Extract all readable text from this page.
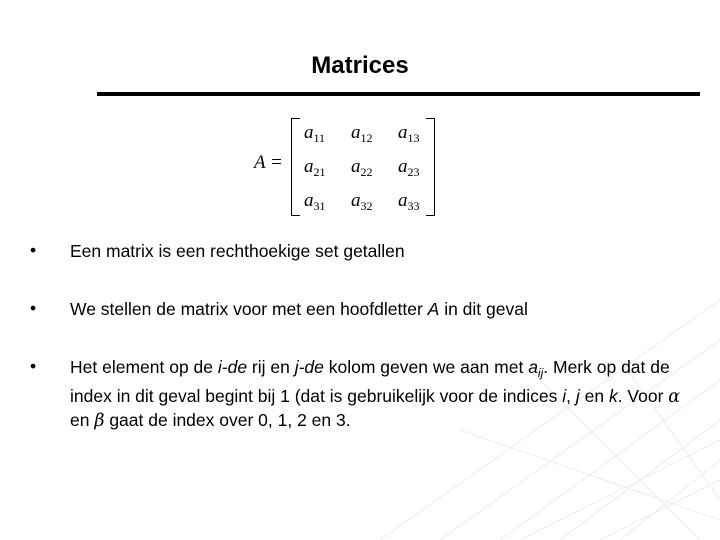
Matrices
A =
$a_{11}$ $a_{12}$ $a_{13}$
$a_{21}$ $a_{22}$ $a_{23}$
$a_{31}$ $a_{32}$ $a_{33}$
• Een matrix is een rechthoekige set getallen
• We stellen de matrix voor met een hoofdletter A in dit geval
• Het element op de i-de rij en j-de kolom geven we aan met $a_{ij}$. Merk op dat de index in dit geval begint bij 1 (dat is gebruikelijk voor de indices i, j en k. Voor α en β gaat de index over 0, 1, 2 en 3.
